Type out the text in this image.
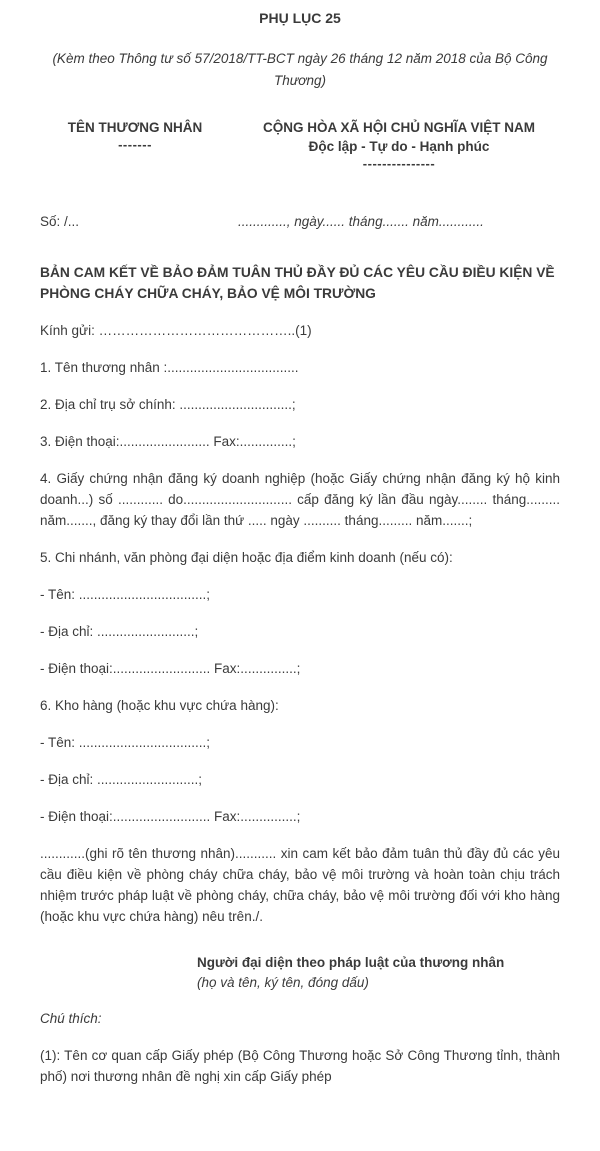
PHỤ LỤC 25
(Kèm theo Thông tư số 57/2018/TT-BCT ngày 26 tháng 12 năm 2018 của Bộ Công Thương)
TÊN THƯƠNG NHÂN
-------
CỘNG HÒA XÃ HỘI CHỦ NGHĨA VIỆT NAM
Độc lập - Tự do - Hạnh phúc
---------------
Số: /...	............., ngày...... tháng....... năm............
BẢN CAM KẾT VỀ BẢO ĐẢM TUÂN THỦ ĐẦY ĐỦ CÁC YÊU CẦU ĐIỀU KIỆN VỀ PHÒNG CHÁY CHỮA CHÁY, BẢO VỆ MÔI TRƯỜNG

Kính gửi: ……………………………………..(1)

1. Tên thương nhân :...................................

2. Địa chỉ trụ sở chính: ..............................;

3. Điện thoại:........................ Fax:..............;

4. Giấy chứng nhận đăng ký doanh nghiệp (hoặc Giấy chứng nhận đăng ký hộ kinh doanh...) số ............ do............................. cấp đăng ký lần đầu ngày........ tháng......... năm......., đăng ký thay đổi lần thứ ..... ngày .......... tháng......... năm.......;

5. Chi nhánh, văn phòng đại diện hoặc địa điểm kinh doanh (nếu có):

- Tên: ..................................;

- Địa chỉ: ..........................;

- Điện thoại:.......................... Fax:...............;

6. Kho hàng (hoặc khu vực chứa hàng):

- Tên: ..................................;

- Địa chỉ: ...........................;

- Điện thoại:.......................... Fax:...............;

............(ghi rõ tên thương nhân)........... xin cam kết bảo đảm tuân thủ đầy đủ các yêu cầu điều kiện về phòng cháy chữa cháy, bảo vệ môi trường và hoàn toàn chịu trách nhiệm trước pháp luật về phòng cháy, chữa cháy, bảo vệ môi trường đối với kho hàng (hoặc khu vực chứa hàng) nêu trên./.

Người đại diện theo pháp luật của thương nhân
(họ và tên, ký tên, đóng dấu)

Chú thích:

(1): Tên cơ quan cấp Giấy phép (Bộ Công Thương hoặc Sở Công Thương tỉnh, thành phố) nơi thương nhân đề nghị xin cấp Giấy phép
